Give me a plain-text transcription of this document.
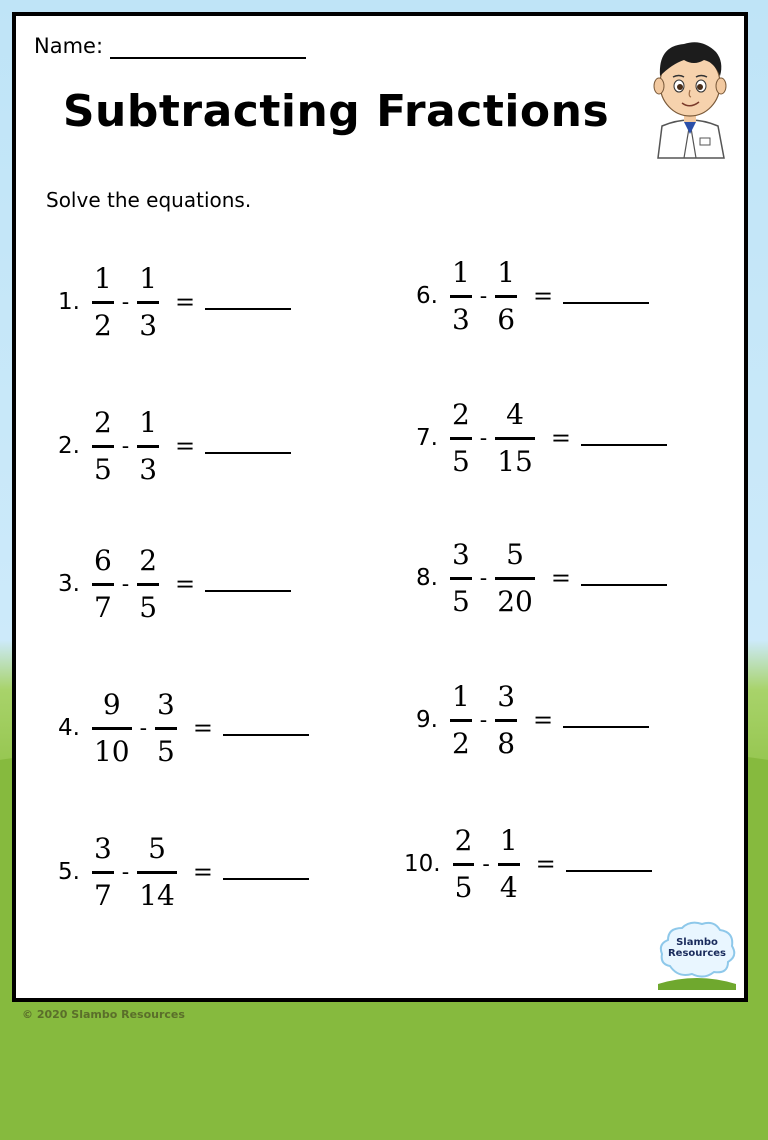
Name:
Subtracting Fractions
Solve the equations.
1. $\frac{1}{2} - \frac{1}{3}$ =
2. $\frac{2}{5} - \frac{1}{3}$ =
3. $\frac{6}{7} - \frac{2}{5}$ =
4. $\frac{9}{10} - \frac{3}{5}$ =
5. $\frac{3}{7} - \frac{5}{14}$ =
6. $\frac{1}{3} - \frac{1}{6}$ =
7. $\frac{2}{5} - \frac{4}{15}$ =
8. $\frac{3}{5} - \frac{5}{20}$ =
9. $\frac{1}{2} - \frac{3}{8}$ =
10. $\frac{2}{5} - \frac{1}{4}$ =
Slambo
Resources
© 2020 Slambo Resources
